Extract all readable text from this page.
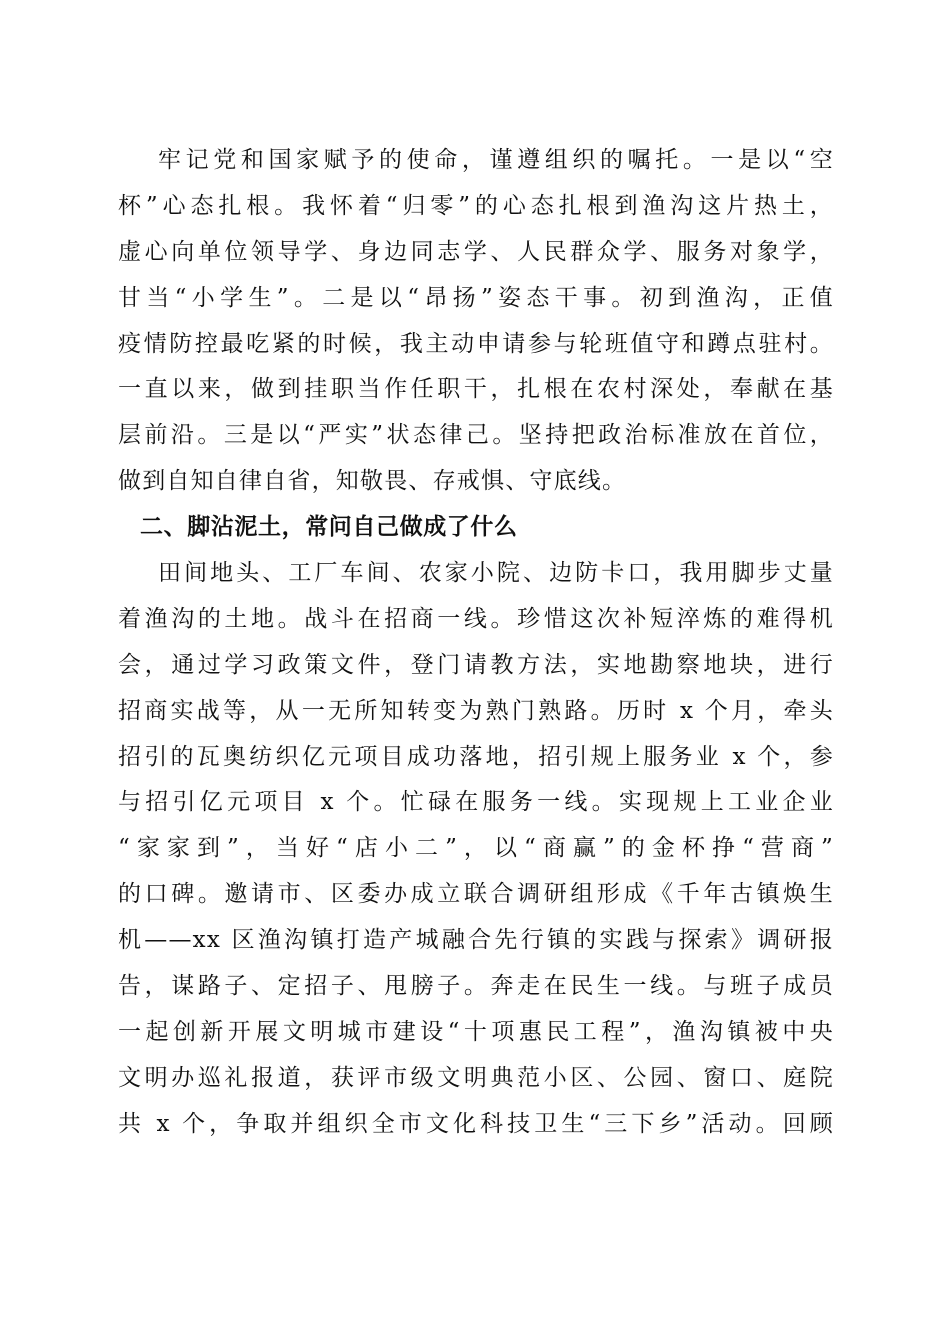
牢记党和国家赋予的使命，谨遵组织的嘱托。一是以“空
杯”心态扎根。我怀着“归零”的心态扎根到渔沟这片热土，
虚心向单位领导学、身边同志学、人民群众学、服务对象学，
甘当“小学生”。二是以“昂扬”姿态干事。初到渔沟，正值
疫情防控最吃紧的时候，我主动申请参与轮班值守和蹲点驻村。
一直以来，做到挂职当作任职干，扎根在农村深处，奉献在基
层前沿。三是以“严实”状态律己。坚持把政治标准放在首位，
做到自知自律自省，知敬畏、存戒惧、守底线。
二、脚沾泥土，常问自己做成了什么
田间地头、工厂车间、农家小院、边防卡口，我用脚步丈量
着渔沟的土地。战斗在招商一线。珍惜这次补短淬炼的难得机
会，通过学习政策文件，登门请教方法，实地勘察地块，进行
招商实战等，从一无所知转变为熟门熟路。历时 x 个月，牵头
招引的瓦奥纺织亿元项目成功落地，招引规上服务业 x 个，参
与招引亿元项目 x 个。忙碌在服务一线。实现规上工业企业
“家家到”，当好“店小二”，以“商赢”的金杯挣“营商”
的口碑。邀请市、区委办成立联合调研组形成《千年古镇焕生
机——xx 区渔沟镇打造产城融合先行镇的实践与探索》调研报
告，谋路子、定招子、甩膀子。奔走在民生一线。与班子成员
一起创新开展文明城市建设“十项惠民工程”，渔沟镇被中央
文明办巡礼报道，获评市级文明典范小区、公园、窗口、庭院
共 x 个，争取并组织全市文化科技卫生“三下乡”活动。回顾
